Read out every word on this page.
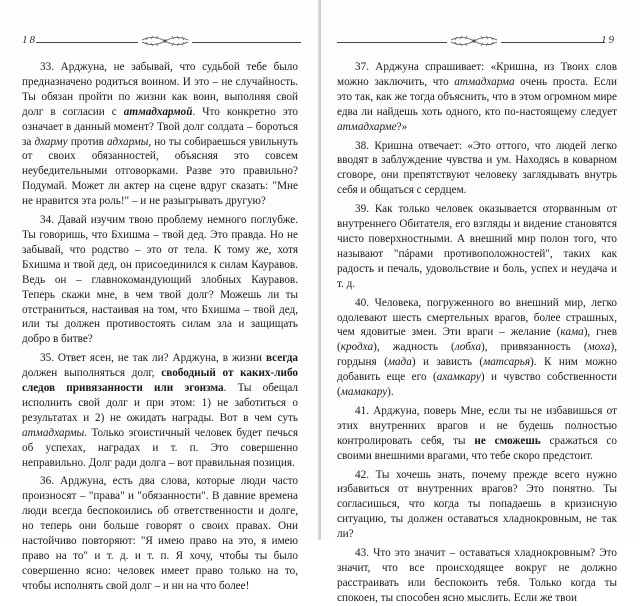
18

33. Арджуна, не забывай, что судьбой тебе было предназначено родиться воином. И это – не случайность. Ты обязан пройти по жизни как воин, выполняя свой долг в согласии с атмадхармой. Что конкретно это означает в данный момент? Твой долг солдата – бороться за дхарму против адхармы, но ты собираешься увильнуть от своих обязанностей, объясняя это совсем неубедительными отговорками. Разве это правильно? Подумай. Может ли актер на сцене вдруг сказать: "Мне не нравится эта роль!" – и не разыгрывать другую?

34. Давай изучим твою проблему немного поглубже. Ты говоришь, что Бхишма – твой дед. Это правда. Но не забывай, что родство – это от тела. К тому же, хотя Бхишма и твой дед, он присоединился к силам Кауравов. Ведь он – главнокомандующий злобных Кауравов. Теперь скажи мне, в чем твой долг? Можешь ли ты отстраниться, настаивая на том, что Бхишма – твой дед, или ты должен противостоять силам зла и защищать добро в битве?

35. Ответ ясен, не так ли? Арджуна, в жизни всегда должен выполняться долг, свободный от каких-либо следов привязанности или эгоизма. Ты обещал исполнить свой долг и при этом: 1) не заботиться о результатах и 2) не ожидать награды. Вот в чем суть атмадхармы. Только эгоистичный человек будет печься об успехах, наградах и т. п. Это совершенно неправильно. Долг ради долга – вот правильная позиция.

36. Арджуна, есть два слова, которые люди часто произносят – "права" и "обязанности". В давние времена люди всегда беспокоились об ответственности и долге, но теперь они больше говорят о своих правах. Они настойчиво повторяют: "Я имею право на это, я имею право на то" и т. д. и т. п. Я хочу, чтобы ты было совершенно ясно: человек имеет право только на то, чтобы исполнять свой долг – и ни на что более!

19

37. Арджуна спрашивает: «Кришна, из Твоих слов можно заключить, что атмадхарма очень проста. Если это так, как же тогда объяснить, что в этом огромном мире едва ли найдешь хоть одного, кто по-настоящему следует атмадхарме?»

38. Кришна отвечает: «Это оттого, что людей легко вводят в заблуждение чувства и ум. Находясь в коварном сговоре, они препятствуют человеку заглядывать внутрь себя и общаться с сердцем.

39. Как только человек оказывается оторванным от внутреннего Обитателя, его взгляды и видение становятся чисто поверхностными. А внешний мир полон того, что называют "пáрами противоположностей", таких как радость и печаль, удовольствие и боль, успех и неудача и т. д.

40. Человека, погруженного во внешний мир, легко одолевают шесть смертельных врагов, более страшных, чем ядовитые змеи. Эти враги – желание (кама), гнев (кродха), жадность (лобха), привязанность (моха), гордыня (мада) и зависть (матсарья). К ним можно добавить еще его (ахамкару) и чувство собственности (мамакару).

41. Арджуна, поверь Мне, если ты не избавишься от этих внутренних врагов и не будешь полностью контролировать себя, ты не сможешь сражаться со своими внешними врагами, что тебе скоро предстоит.

42. Ты хочешь знать, почему прежде всего нужно избавиться от внутренних врагов? Это понятно. Ты согласишься, что когда ты попадаешь в кризисную ситуацию, ты должен оставаться хладнокровным, не так ли?

43. Что это значит – оставаться хладнокровным? Это значит, что все происходящее вокруг не должно расстраивать или беспокоить тебя. Только когда ты спокоен, ты способен ясно мыслить. Если же твои
